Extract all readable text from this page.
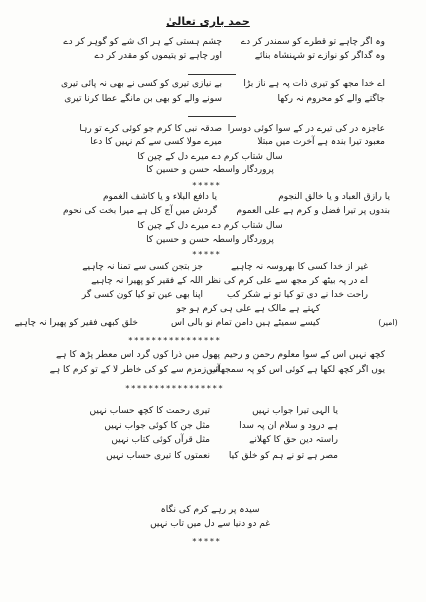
حمد باری تعالیٰ
وہ اگر چاہے تو قطرے کو سمندر کر دے
چشم ہستی کے ہر اک شے کو گوہر کر دے
وہ گداگر کو نوازے تو شہنشاہ بنائے
اور چاہے تو یتیموں کو مقدر کر دے
اے خدا مجھ کو تیری ذات پہ ہے ناز بڑا
بے نیازی تیری کو کسی نے بھی نہ پائی تیری
جاگتے والے کو محروم نہ رکھا
سونے والے کو بھی بن مانگے عطا کرنا تیری
عاجزہ در کی تیرے در کے سوا کوئی دوسرا
صدقہ نبی کا کرم جو کوئی کرے تو رہا
معبود تیرا بندہ ہے آخرت میں مبتلا
میرے مولا کسی سے کم نہیں کا دعا
سال شتاب کرم دے میرے دل کے چین کا
پروردگار واسطہ حسن و حسین کا
*****
یا رازق العباد و یا خالق النجوم
یا دافع البلاء و یا کاشف الغموم
بندوں پر تیرا فضل و کرم ہے علی العموم
گردش میں آج کل ہے میرا بخت کی نحوم
سال شتاب کرم دے میرے دل کے چین کا
پروردگار واسطہ حسن و حسین کا
*****
غیر از خدا کسی کا بھروسہ نہ چاہیے
جز بتجن کسی سے تمنا نہ چاہیے
اللہ کے فقیر کو پھیرا نہ چاہیے اے در پہ بیٹھ کر مجھ سے علی کرم کی نظر
اپنا بھی عین تو کیا کون کسی گر	راحت خدا نے دی تو کیا تو نے شکر کب
کہتے ہے مالک ہے علی ہی کرم ہو جو
کیسے سمیٹے ہیں دامن تمام نو بالی اس
خلق کبھی فقیر کو پھیرا نہ چاہیے	(امیر)
****************
پھول میں ذرا کوں گرد اس معطر پڑھ کا ہے کچھ نہیں اس کے سوا معلوم رحمن و رحیم
آب زمزم سے کو کی خاطر لا کے تو کرم کا ہے
یوں اگر کچھ لکھا ہے کوئی اس کو پہ سمجھائیں
*****************
یا الہی تیرا جواب نہیں
تیری رحمت کا کچھ حساب نہیں
ہے درود و سلام ان پہ سدا
مثل جن کا کوئی جواب نہیں
راستہ دین حق کا کھلانے
مثل قرآں کوئی کتاب نہیں
مصر ہے تو نے ہم کو خلق کیا
نعمتوں کا تیری حساب نہیں
سیدہ پر رہے کرم کی نگاہ
غم دو دنیا سے دل میں تاب نہیں
*****
